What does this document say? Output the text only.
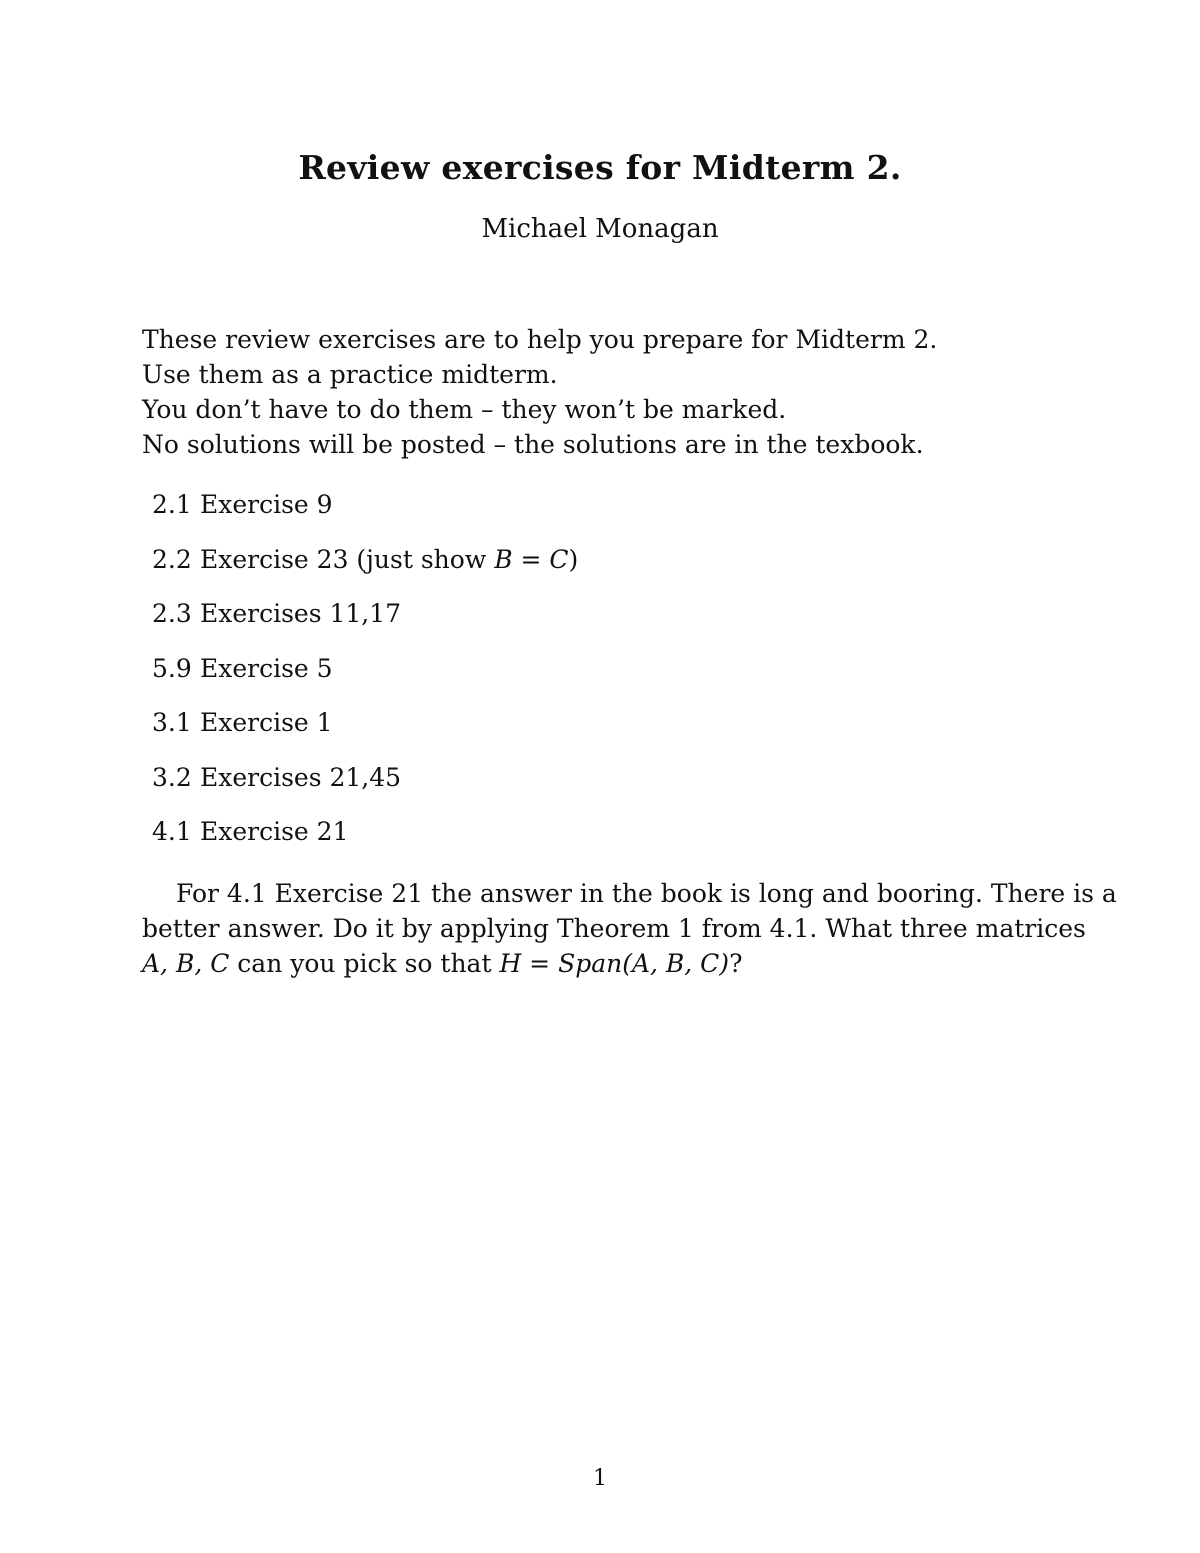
Review exercises for Midterm 2.
Michael Monagan
These review exercises are to help you prepare for Midterm 2.
Use them as a practice midterm.
You don’t have to do them – they won’t be marked.
No solutions will be posted – the solutions are in the texbook.
2.1 Exercise 9
2.2 Exercise 23 (just show B = C)
2.3 Exercises 11,17
5.9 Exercise 5
3.1 Exercise 1
3.2 Exercises 21,45
4.1 Exercise 21
For 4.1 Exercise 21 the answer in the book is long and booring. There is a
better answer. Do it by applying Theorem 1 from 4.1. What three matrices
A, B, C can you pick so that H = Span(A, B, C)?
1
